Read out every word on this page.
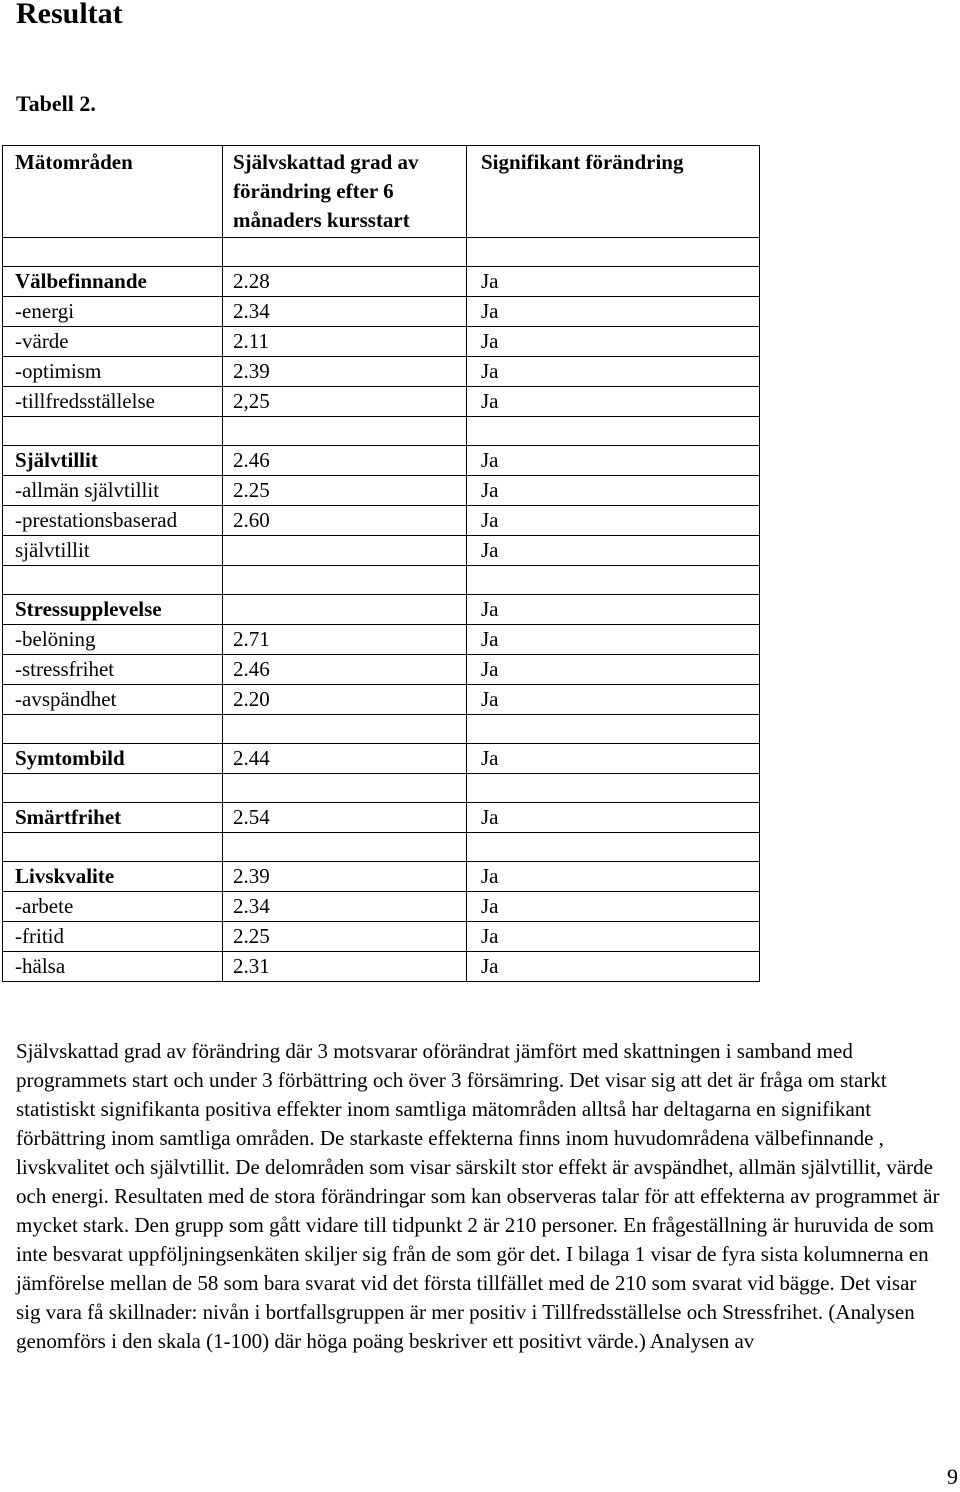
Resultat
Tabell 2.
Mätområden	Självskattad grad av förändring efter 6 månaders kursstart	Signifikant förändring

Välbefinnande	2.28	Ja
-energi	2.34	Ja
-värde	2.11	Ja
-optimism	2.39	Ja
-tillfredsställelse	2,25	Ja

Självtillit	2.46	Ja
-allmän självtillit	2.25	Ja
-prestationsbaserad	2.60	Ja
självtillit		Ja

Stressupplevelse		Ja
-belöning	2.71	Ja
-stressfrihet	2.46	Ja
-avspändhet	2.20	Ja

Symtombild	2.44	Ja

Smärtfrihet	2.54	Ja

Livskvalite	2.39	Ja
-arbete	2.34	Ja
-fritid	2.25	Ja
-hälsa	2.31	Ja

Självskattad grad av förändring där 3 motsvarar oförändrat jämfört med skattningen i samband med programmets start och under 3 förbättring och över 3 försämring. Det visar sig att det är fråga om starkt statistiskt signifikanta positiva effekter inom samtliga mätområden alltså har deltagarna en signifikant förbättring inom samtliga områden. De starkaste effekterna finns inom huvudområdena välbefinnande , livskvalitet och självtillit. De delområden som visar särskilt stor effekt är avspändhet, allmän självtillit, värde och energi. Resultaten med de stora förändringar som kan observeras talar för att effekterna av programmet är mycket stark. Den grupp som gått vidare till tidpunkt 2 är 210 personer. En frågeställning är huruvida de som inte besvarat uppföljningsenkäten skiljer sig från de som gör det. I bilaga 1 visar de fyra sista kolumnerna en jämförelse mellan de 58 som bara svarat vid det första tillfället med de 210 som svarat vid bägge. Det visar sig vara få skillnader: nivån i bortfallsgruppen är mer positiv i Tillfredsställelse och Stressfrihet. (Analysen genomförs i den skala (1-100) där höga poäng beskriver ett positivt värde.) Analysen av

9
